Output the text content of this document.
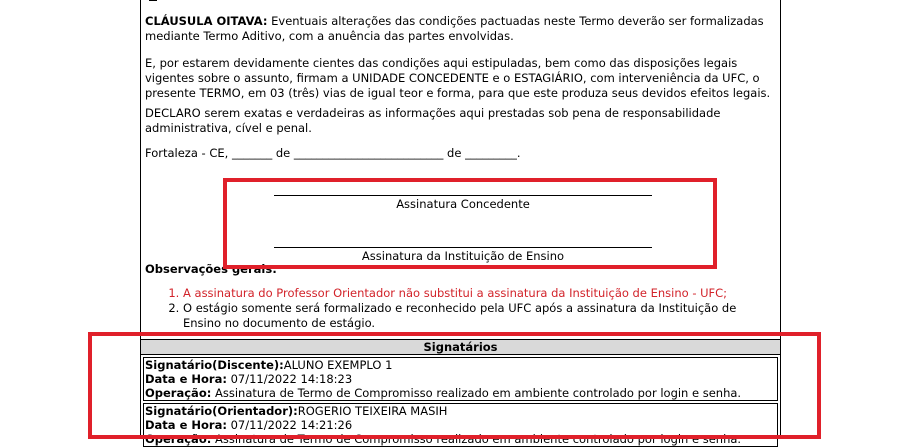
CLÁUSULA OITAVA: Eventuais alterações das condições pactuadas neste Termo deverão ser formalizadas mediante Termo Aditivo, com a anuência das partes envolvidas.

E, por estarem devidamente cientes das condições aqui estipuladas, bem como das disposições legais vigentes sobre o assunto, firmam a UNIDADE CONCEDENTE e o ESTAGIÁRIO, com interveniência da UFC, o presente TERMO, em 03 (três) vias de igual teor e forma, para que este produza seus devidos efeitos legais.

DECLARO serem exatas e verdadeiras as informações aqui prestadas sob pena de responsabilidade administrativa, cível e penal.

Fortaleza - CE, _______ de __________________________ de _________.

Assinatura Concedente
Assinatura da Instituição de Ensino
Observações gerais:
1. A assinatura do Professor Orientador não substitui a assinatura da Instituição de Ensino - UFC;
2. O estágio somente será formalizado e reconhecido pela UFC após a assinatura da Instituição de Ensino no documento de estágio.
Signatários
Signatário(Discente):ALUNO EXEMPLO 1
Data e Hora: 07/11/2022 14:18:23
Operação: Assinatura de Termo de Compromisso realizado em ambiente controlado por login e senha.
Signatário(Orientador):ROGERIO TEIXEIRA MASIH
Data e Hora: 07/11/2022 14:21:26
Operação: Assinatura de Termo de Compromisso realizado em ambiente controlado por login e senha.
